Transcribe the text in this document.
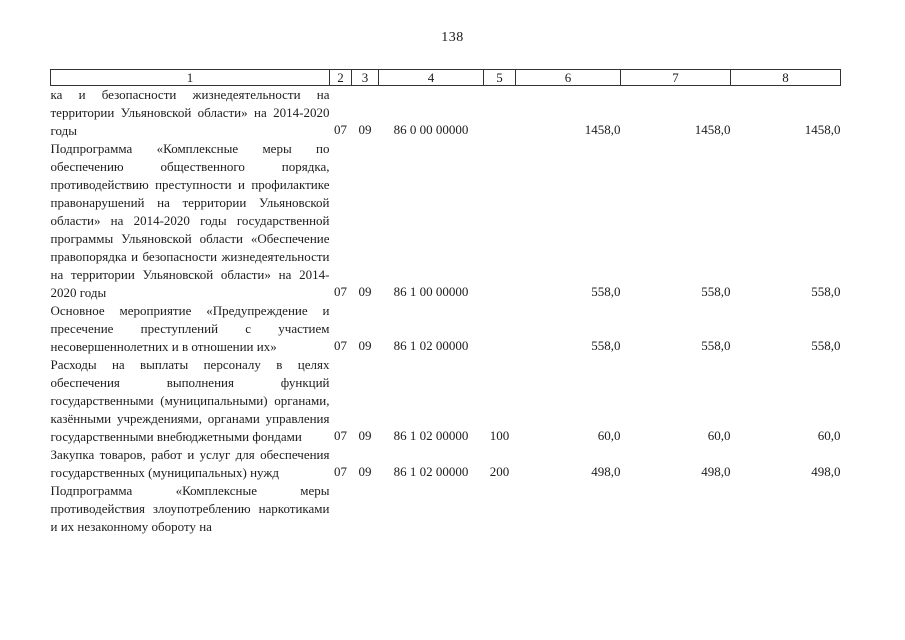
138
1	2	3	4	5	6	7	8
ка и безопасности жизнедеятельности на территории Ульяновской области» на 2014-2020 годы	07	09	86 0 00 00000		1458,0	1458,0	1458,0
Подпрограмма «Комплексные меры по обеспечению общественного порядка, противодействию преступности и профилактике правонарушений на территории Ульяновской области» на 2014-2020 годы государственной программы Ульяновской области «Обеспечение правопорядка и безопасности жизнедеятельности на территории Ульяновской области» на 2014-2020 годы	07	09	86 1 00 00000		558,0	558,0	558,0
Основное мероприятие «Предупреждение и пресечение преступлений с участием несовершеннолетних и в отношении их»	07	09	86 1 02 00000		558,0	558,0	558,0
Расходы на выплаты персоналу в целях обеспечения выполнения функций государственными (муниципальными) органами, казёнными учреждениями, органами управления государственными внебюджетными фондами	07	09	86 1 02 00000	100	60,0	60,0	60,0
Закупка товаров, работ и услуг для обеспечения государственных (муниципальных) нужд	07	09	86 1 02 00000	200	498,0	498,0	498,0
Подпрограмма «Комплексные меры противодействия злоупотреблению наркотиками и их незаконному обороту на							
